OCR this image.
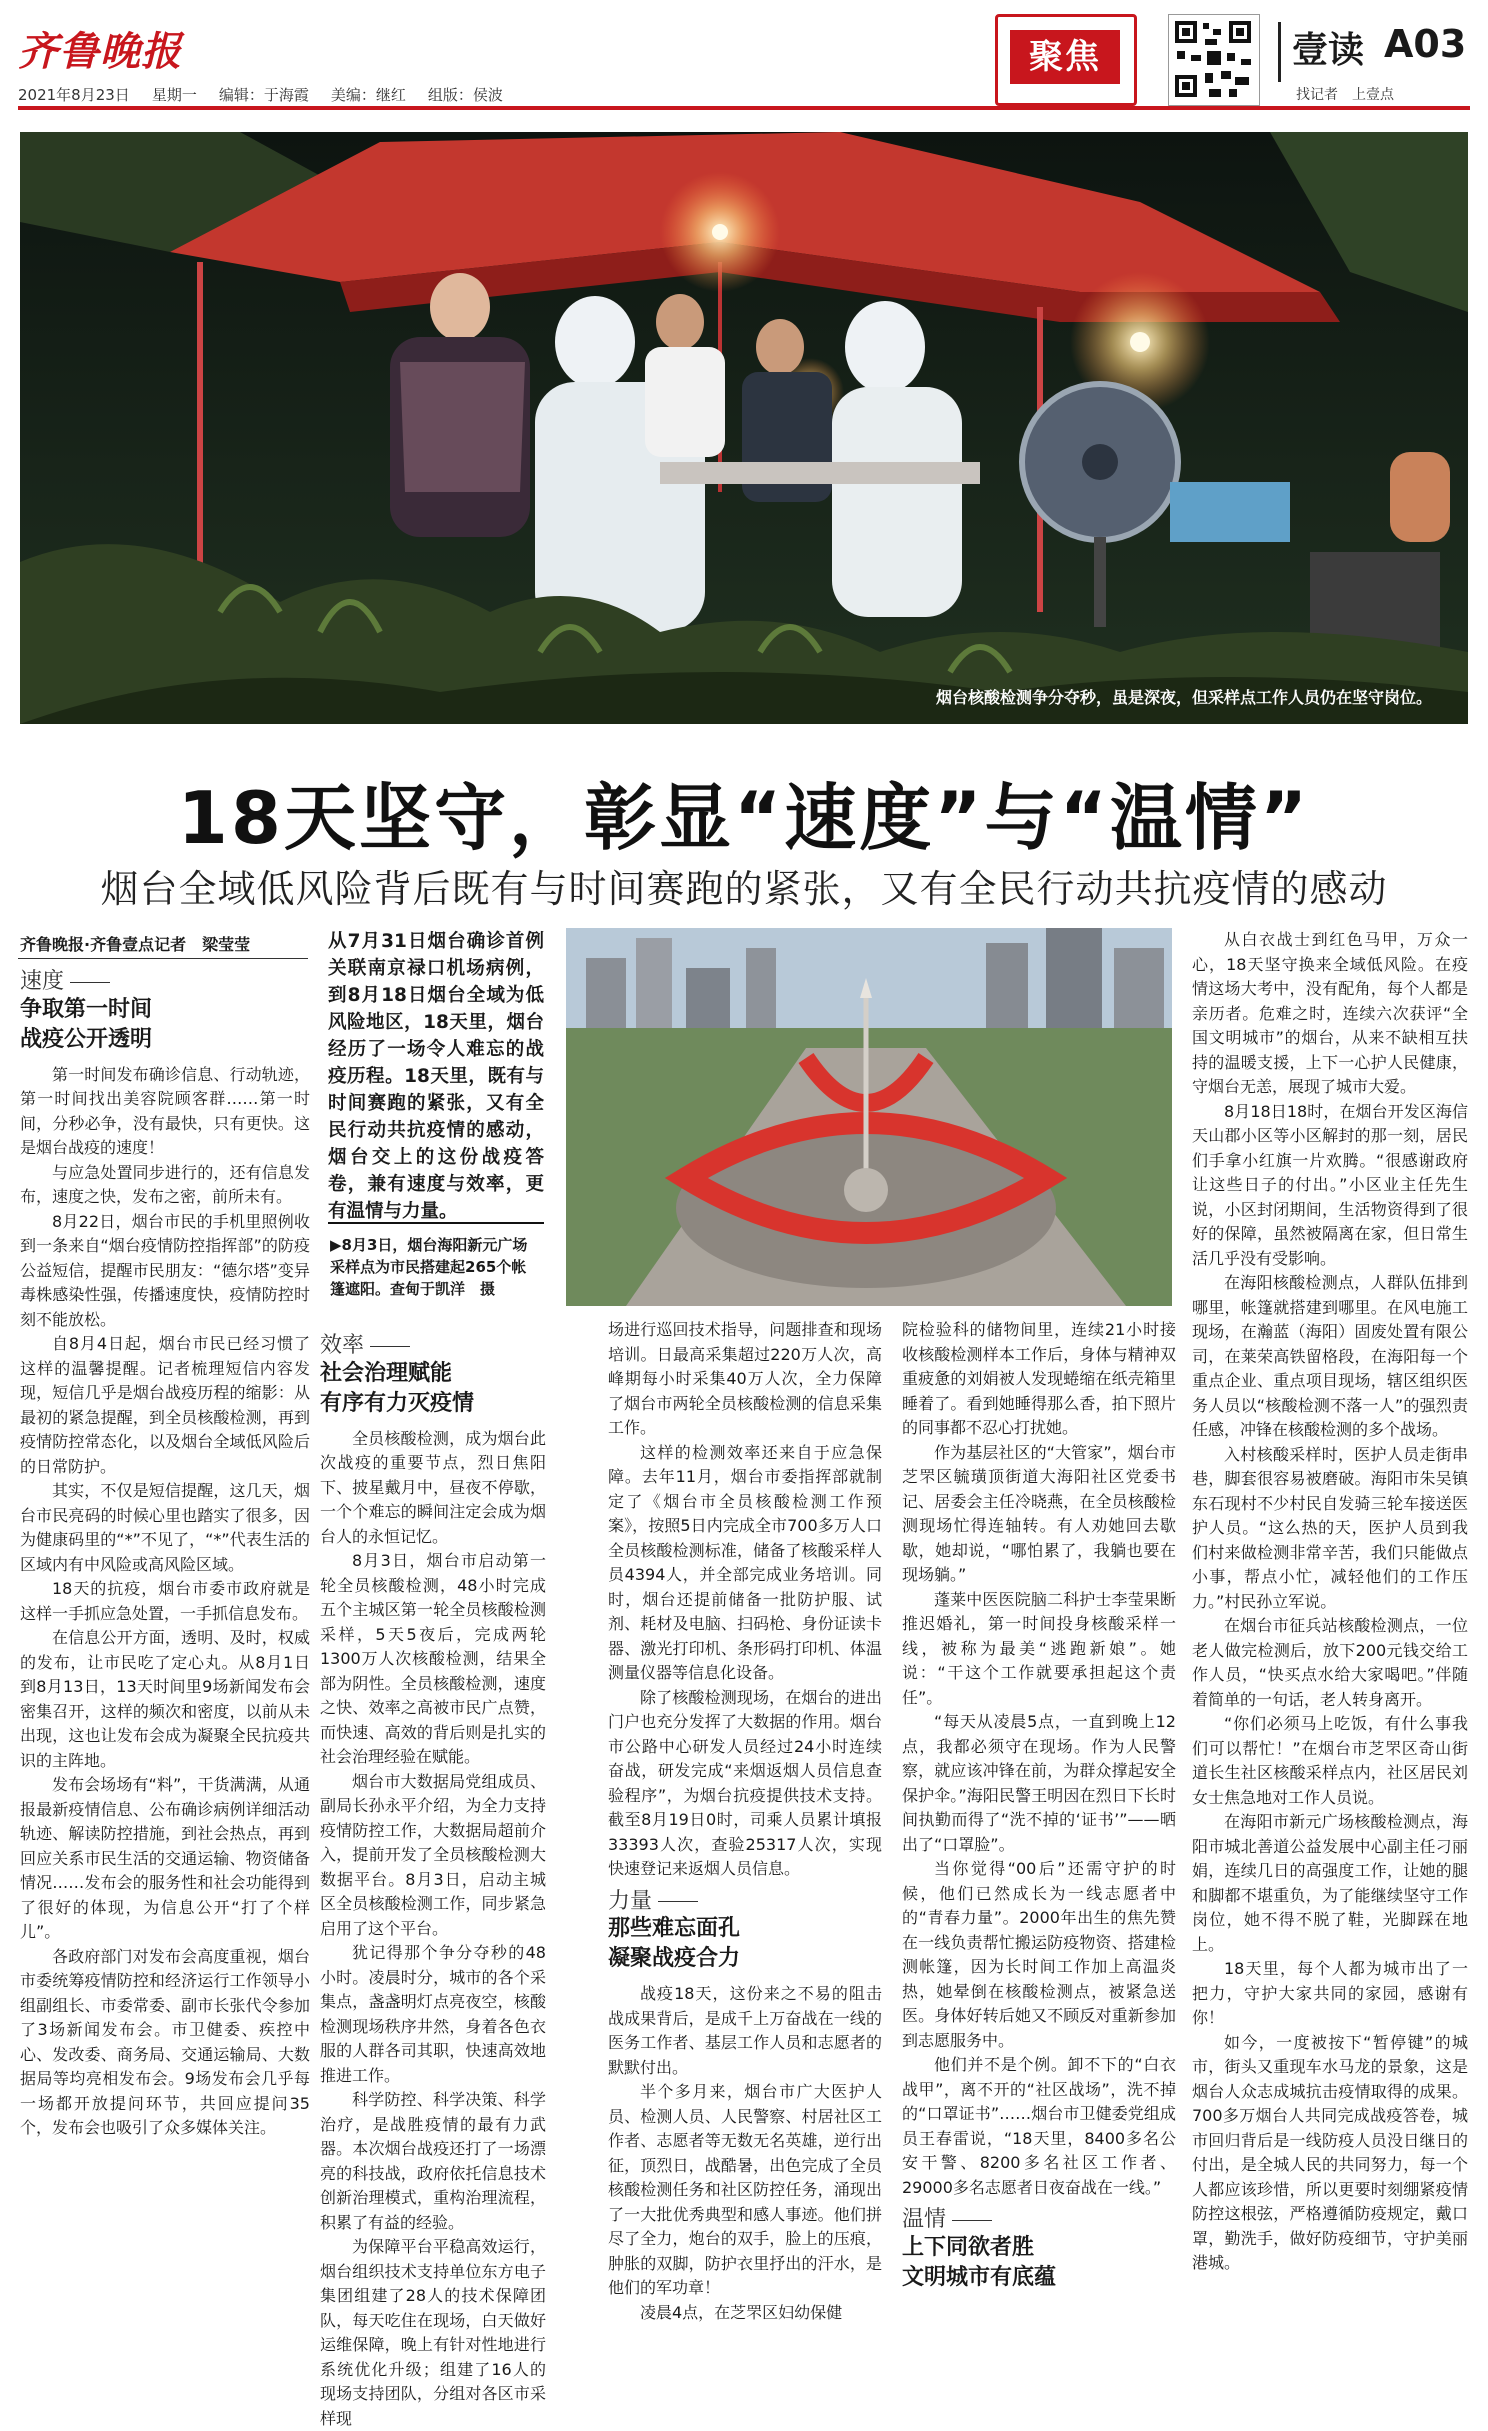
齐鲁晚报
2021年8月23日 星期一 编辑：于海霞 美编：继红 组版：侯波
聚焦	壹读 A03
找记者　上壹点
烟台核酸检测争分夺秒，虽是深夜，但采样点工作人员仍在坚守岗位。
18天坚守，彰显“速度”与“温情”
烟台全域低风险背后既有与时间赛跑的紧张，又有全民行动共抗疫情的感动
齐鲁晚报·齐鲁壹点记者　梁莹莹
速度
争取第一时间
战疫公开透明

第一时间发布确诊信息、行动轨迹，第一时间找出美容院顾客群……第一时间，分秒必争，没有最快，只有更快。这是烟台战疫的速度！

与应急处置同步进行的，还有信息发布，速度之快，发布之密，前所未有。

8月22日，烟台市民的手机里照例收到一条来自“烟台疫情防控指挥部”的防疫公益短信，提醒市民朋友：“德尔塔”变异毒株感染性强，传播速度快，疫情防控时刻不能放松。

自8月4日起，烟台市民已经习惯了这样的温馨提醒。记者梳理短信内容发现，短信几乎是烟台战疫历程的缩影：从最初的紧急提醒，到全员核酸检测，再到疫情防控常态化，以及烟台全域低风险后的日常防护。

其实，不仅是短信提醒，这几天，烟台市民亮码的时候心里也踏实了很多，因为健康码里的“*”不见了，“*”代表生活的区域内有中风险或高风险区域。

18天的抗疫，烟台市委市政府就是这样一手抓应急处置，一手抓信息发布。

在信息公开方面，透明、及时，权威的发布，让市民吃了定心丸。从8月1日到8月13日，13天时间里9场新闻发布会密集召开，这样的频次和密度，以前从未出现，这也让发布会成为凝聚全民抗疫共识的主阵地。

发布会场场有“料”，干货满满，从通报最新疫情信息、公布确诊病例详细活动轨迹、解读防控措施，到社会热点，再到回应关系市民生活的交通运输、物资储备情况……发布会的服务性和社会功能得到了很好的体现，为信息公开“打了个样儿”。

各政府部门对发布会高度重视，烟台市委统筹疫情防控和经济运行工作领导小组副组长、市委常委、副市长张代令参加了3场新闻发布会。市卫健委、疾控中心、发改委、商务局、交通运输局、大数据局等均亮相发布会。9场发布会几乎每一场都开放提问环节，共回应提问35个，发布会也吸引了众多媒体关注。

从7月31日烟台确诊首例关联南京禄口机场病例，到8月18日烟台全域为低风险地区，18天里，烟台经历了一场令人难忘的战疫历程。18天里，既有与时间赛跑的紧张，又有全民行动共抗疫情的感动，烟台交上的这份战疫答卷，兼有速度与效率，更有温情与力量。
▶8月3日，烟台海阳新元广场采样点为市民搭建起265个帐篷遮阳。查甸于凯洋　摄
效率
社会治理赋能
有序有力灭疫情

全员核酸检测，成为烟台此次战疫的重要节点，烈日焦阳下、披星戴月中，昼夜不停歇，一个个难忘的瞬间注定会成为烟台人的永恒记忆。

8月3日，烟台市启动第一轮全员核酸检测，48小时完成五个主城区第一轮全员核酸检测采样，5天5夜后，完成两轮1300万人次核酸检测，结果全部为阴性。全员核酸检测，速度之快、效率之高被市民广点赞，而快速、高效的背后则是扎实的社会治理经验在赋能。

烟台市大数据局党组成员、副局长孙永平介绍，为全力支持疫情防控工作，大数据局超前介入，提前开发了全员核酸检测大数据平台。8月3日，启动主城区全员核酸检测工作，同步紧急启用了这个平台。

犹记得那个争分夺秒的48小时。凌晨时分，城市的各个采集点，盏盏明灯点亮夜空，核酸检测现场秩序井然，身着各色衣服的人群各司其职，快速高效地推进工作。

科学防控、科学决策、科学治疗，是战胜疫情的最有力武器。本次烟台战疫还打了一场漂亮的科技战，政府依托信息技术创新治理模式，重构治理流程，积累了有益的经验。

为保障平台平稳高效运行，烟台组织技术支持单位东方电子集团组建了28人的技术保障团队，每天吃住在现场，白天做好运维保障，晚上有针对性地进行系统优化升级；组建了16人的现场支持团队，分组对各区市采样现

场进行巡回技术指导，问题排查和现场培训。日最高采集超过220万人次，高峰期每小时采集40万人次，全力保障了烟台市两轮全员核酸检测的信息采集工作。

这样的检测效率还来自于应急保障。去年11月，烟台市委指挥部就制定了《烟台市全员核酸检测工作预案》，按照5日内完成全市700多万人口全员核酸检测标准，储备了核酸采样人员4394人，并全部完成业务培训。同时，烟台还提前储备一批防护服、试剂、耗材及电脑、扫码枪、身份证读卡器、激光打印机、条形码打印机、体温测量仪器等信息化设备。

除了核酸检测现场，在烟台的进出门户也充分发挥了大数据的作用。烟台市公路中心研发人员经过24小时连续奋战，研发完成“来烟返烟人员信息查验程序”，为烟台抗疫提供技术支持。截至8月19日0时，司乘人员累计填报33393人次，查验25317人次，实现快速登记来返烟人员信息。

力量
那些难忘面孔
凝聚战疫合力

战疫18天，这份来之不易的阻击战成果背后，是成千上万奋战在一线的医务工作者、基层工作人员和志愿者的默默付出。

半个多月来，烟台市广大医护人员、检测人员、人民警察、村居社区工作者、志愿者等无数无名英雄，逆行出征，顶烈日，战酷暑，出色完成了全员核酸检测任务和社区防控任务，涌现出了一大批优秀典型和感人事迹。他们拼尽了全力，炮台的双手，脸上的压痕，肿胀的双脚，防护衣里抒出的汗水，是他们的军功章！

凌晨4点，在芝罘区妇幼保健

院检验科的储物间里，连续21小时接收核酸检测样本工作后，身体与精神双重疲惫的刘娟被人发现蜷缩在纸壳箱里睡着了。看到她睡得那么香，拍下照片的同事都不忍心打扰她。

作为基层社区的“大管家”，烟台市芝罘区毓璜顶街道大海阳社区党委书记、居委会主任冷晓燕，在全员核酸检测现场忙得连轴转。有人劝她回去歇歇，她却说，“哪怕累了，我躺也要在现场躺。”

蓬莱中医医院脑二科护士李莹果断推迟婚礼，第一时间投身核酸采样一线，被称为最美“逃跑新娘”。她说：“干这个工作就要承担起这个责任”。

“每天从凌晨5点，一直到晚上12点，我都必须守在现场。作为人民警察，就应该冲锋在前，为群众撑起安全保护伞。”海阳民警王明因在烈日下长时间执勤而得了“洗不掉的‘证书’”——晒出了“口罩脸”。

当你觉得“00后”还需守护的时候，他们已然成长为一线志愿者中的“青春力量”。2000年出生的焦先赞在一线负责帮忙搬运防疫物资、搭建检测帐篷，因为长时间工作加上高温炎热，她晕倒在核酸检测点，被紧急送医。身体好转后她又不顾反对重新参加到志愿服务中。

他们并不是个例。卸不下的“白衣战甲”，离不开的“社区战场”，洗不掉的“口罩证书”……烟台市卫健委党组成员王春雷说，“18天里，8400多名公安干警、8200多名社区工作者、29000多名志愿者日夜奋战在一线。”

温情
上下同欲者胜
文明城市有底蕴

从白衣战士到红色马甲，万众一心，18天坚守换来全域低风险。在疫情这场大考中，没有配角，每个人都是亲历者。危难之时，连续六次获评“全国文明城市”的烟台，从来不缺相互扶持的温暖支援，上下一心护人民健康，守烟台无恙，展现了城市大爱。

8月18日18时，在烟台开发区海信天山郡小区等小区解封的那一刻，居民们手拿小红旗一片欢腾。“很感谢政府让这些日子的付出。”小区业主任先生说，小区封闭期间，生活物资得到了很好的保障，虽然被隔离在家，但日常生活几乎没有受影响。

在海阳核酸检测点，人群队伍排到哪里，帐篷就搭建到哪里。在风电施工现场，在瀚蓝（海阳）固废处置有限公司，在莱荣高铁留格段，在海阳每一个重点企业、重点项目现场，辖区组织医务人员以“核酸检测不落一人”的强烈责任感，冲锋在核酸检测的多个战场。

入村核酸采样时，医护人员走街串巷，脚套很容易被磨破。海阳市朱吴镇东石现村不少村民自发骑三轮车接送医护人员。“这么热的天，医护人员到我们村来做检测非常辛苦，我们只能做点小事，帮点小忙，减轻他们的工作压力。”村民孙立军说。

在烟台市征兵站核酸检测点，一位老人做完检测后，放下200元钱交给工作人员，“快买点水给大家喝吧。”伴随着简单的一句话，老人转身离开。

“你们必须马上吃饭，有什么事我们可以帮忙！”在烟台市芝罘区奇山街道长生社区核酸采样点内，社区居民刘女士焦急地对工作人员说。

在海阳市新元广场核酸检测点，海阳市城北善道公益发展中心副主任刁丽娟，连续几日的高强度工作，让她的腿和脚都不堪重负，为了能继续坚守工作岗位，她不得不脱了鞋，光脚踩在地上。

18天里，每个人都为城市出了一把力，守护大家共同的家园，感谢有你！

如今，一度被按下“暂停键”的城市，街头又重现车水马龙的景象，这是烟台人众志成城抗击疫情取得的成果。700多万烟台人共同完成战疫答卷，城市回归背后是一线防疫人员没日继日的付出，是全城人民的共同努力，每一个人都应该珍惜，所以更要时刻绷紧疫情防控这根弦，严格遵循防疫规定，戴口罩，勤洗手，做好防疫细节，守护美丽港城。
